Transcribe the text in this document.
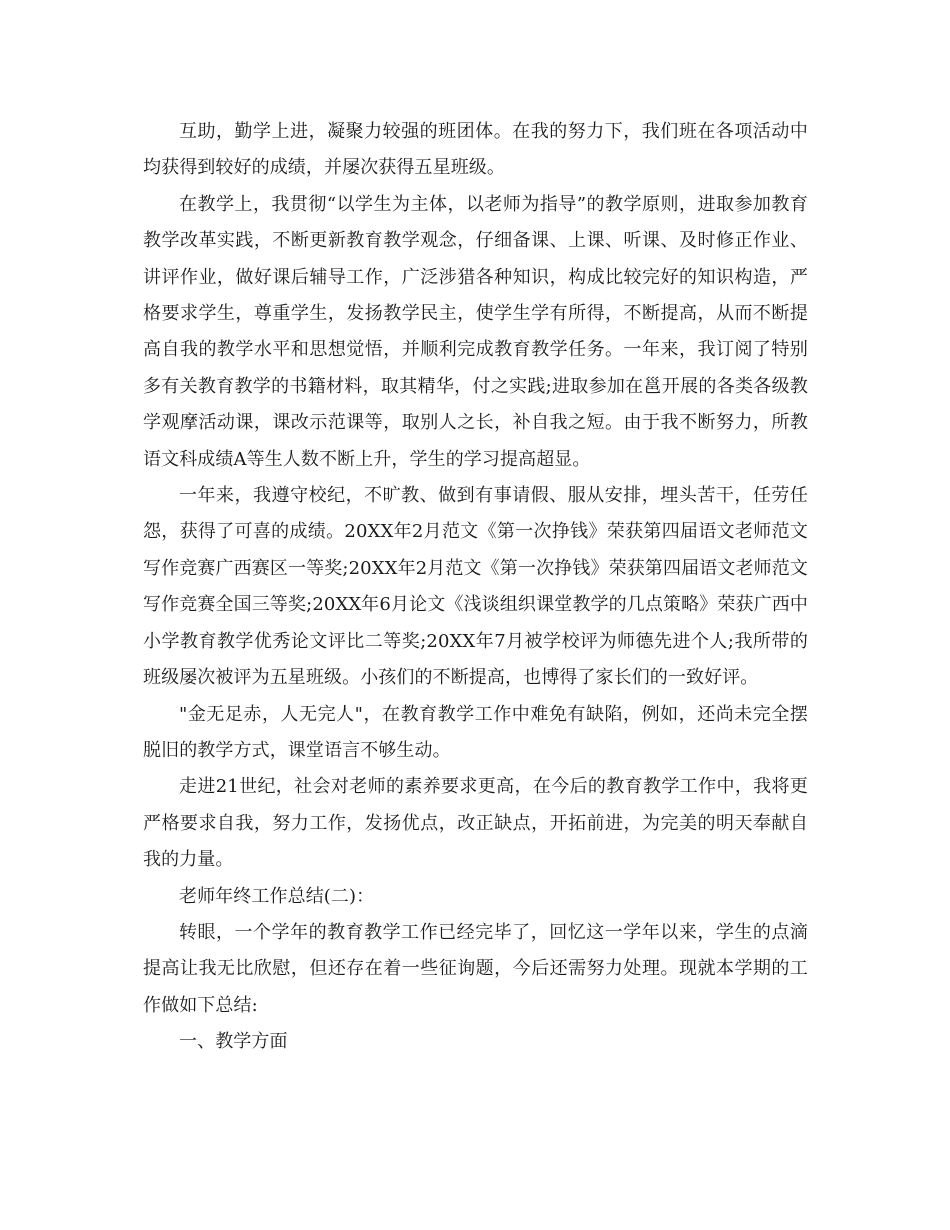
互助，勤学上进，凝聚力较强的班团体。在我的努力下，我们班在各项活动中均获得到较好的成绩，并屡次获得五星班级。

在教学上，我贯彻“以学生为主体，以老师为指导”的教学原则，进取参加教育教学改革实践，不断更新教育教学观念，仔细备课、上课、听课、及时修正作业、讲评作业，做好课后辅导工作，广泛涉猎各种知识，构成比较完好的知识构造，严格要求学生，尊重学生，发扬教学民主，使学生学有所得，不断提高，从而不断提高自我的教学水平和思想觉悟，并顺利完成教育教学任务。一年来，我订阅了特别多有关教育教学的书籍材料，取其精华，付之实践;进取参加在邕开展的各类各级教学观摩活动课，课改示范课等，取别人之长，补自我之短。由于我不断努力，所教语文科成绩A等生人数不断上升，学生的学习提高超显。

一年来，我遵守校纪，不旷教、做到有事请假、服从安排，埋头苦干，任劳任怨，获得了可喜的成绩。20XX年2月范文《第一次挣钱》荣获第四届语文老师范文写作竞赛广西赛区一等奖;20XX年2月范文《第一次挣钱》荣获第四届语文老师范文写作竞赛全国三等奖;20XX年6月论文《浅谈组织课堂教学的几点策略》荣获广西中小学教育教学优秀论文评比二等奖;20XX年7月被学校评为师德先进个人;我所带的班级屡次被评为五星班级。小孩们的不断提高，也博得了家长们的一致好评。

"金无足赤，人无完人"，在教育教学工作中难免有缺陷，例如，还尚未完全摆脱旧的教学方式，课堂语言不够生动。

走进21世纪，社会对老师的素养要求更高，在今后的教育教学工作中，我将更严格要求自我，努力工作，发扬优点，改正缺点，开拓前进，为完美的明天奉献自我的力量。

老师年终工作总结(二)：

转眼，一个学年的教育教学工作已经完毕了，回忆这一学年以来，学生的点滴提高让我无比欣慰，但还存在着一些征询题，今后还需努力处理。现就本学期的工作做如下总结:

一、教学方面
